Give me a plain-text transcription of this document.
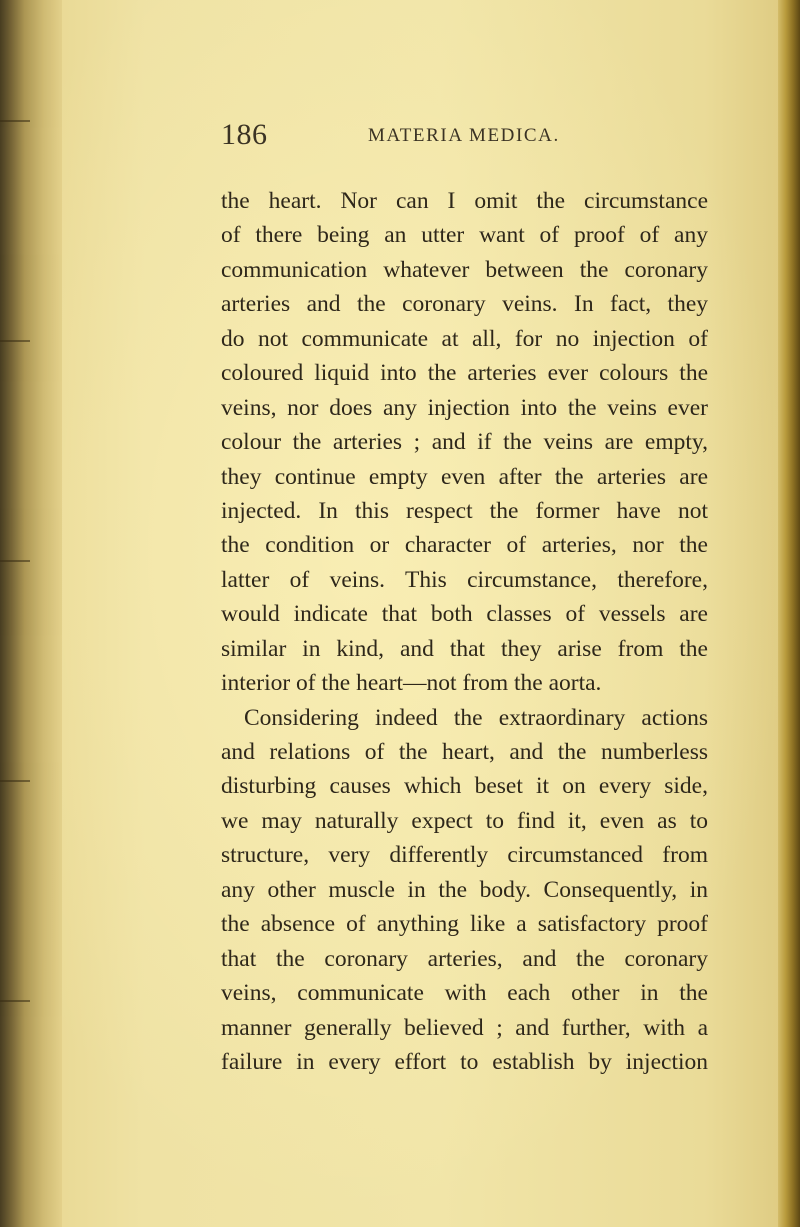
186	MATERIA MEDICA.
the heart. Nor can I omit the circumstance
of there being an utter want of proof of any
communication whatever between the coronary
arteries and the coronary veins. In fact, they
do not communicate at all, for no injection of
coloured liquid into the arteries ever colours the
veins, nor does any injection into the veins ever
colour the arteries ; and if the veins are empty,
they continue empty even after the arteries are
injected. In this respect the former have not
the condition or character of arteries, nor the
latter of veins. This circumstance, therefore,
would indicate that both classes of vessels are
similar in kind, and that they arise from the
interior of the heart—not from the aorta.
Considering indeed the extraordinary actions
and relations of the heart, and the numberless
disturbing causes which beset it on every side,
we may naturally expect to find it, even as to
structure, very differently circumstanced from
any other muscle in the body. Consequently, in
the absence of anything like a satisfactory proof
that the coronary arteries, and the coronary
veins, communicate with each other in the
manner generally believed ; and further, with a
failure in every effort to establish by injection
